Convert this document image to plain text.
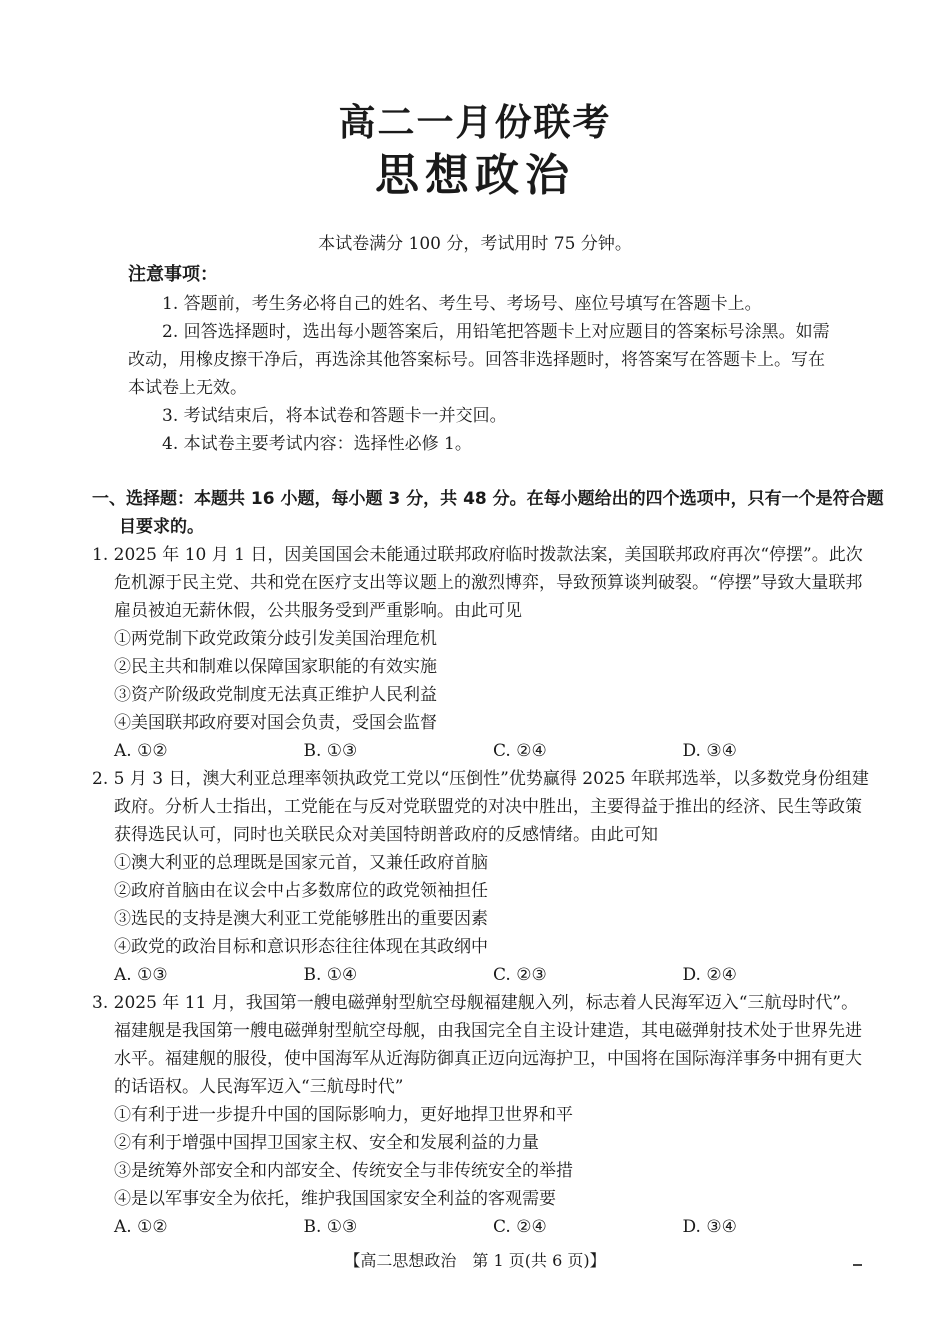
高二一月份联考
思想政治
本试卷满分 100 分，考试用时 75 分钟。
注意事项：

1. 答题前，考生务必将自己的姓名、考生号、考场号、座位号填写在答题卡上。

2. 回答选择题时，选出每小题答案后，用铅笔把答题卡上对应题目的答案标号涂黑。如需改动，用橡皮擦干净后，再选涂其他答案标号。回答非选择题时，将答案写在答题卡上。写在本试卷上无效。

3. 考试结束后，将本试卷和答题卡一并交回。

4. 本试卷主要考试内容：选择性必修 1。

一、选择题：本题共 16 小题，每小题 3 分，共 48 分。在每小题给出的四个选项中，只有一个是符合题目要求的。

1. 2025 年 10 月 1 日，因美国国会未能通过联邦政府临时拨款法案，美国联邦政府再次“停摆”。此次危机源于民主党、共和党在医疗支出等议题上的激烈博弈，导致预算谈判破裂。“停摆”导致大量联邦雇员被迫无薪休假，公共服务受到严重影响。由此可见

①两党制下政党政策分歧引发美国治理危机

②民主共和制难以保障国家职能的有效实施

③资产阶级政党制度无法真正维护人民利益

④美国联邦政府要对国会负责，受国会监督

A. ①②	B. ①③	C. ②④	D. ③④

2. 5 月 3 日，澳大利亚总理率领执政党工党以“压倒性”优势赢得 2025 年联邦选举，以多数党身份组建政府。分析人士指出，工党能在与反对党联盟党的对决中胜出，主要得益于推出的经济、民生等政策获得选民认可，同时也关联民众对美国特朗普政府的反感情绪。由此可知

①澳大利亚的总理既是国家元首，又兼任政府首脑

②政府首脑由在议会中占多数席位的政党领袖担任

③选民的支持是澳大利亚工党能够胜出的重要因素

④政党的政治目标和意识形态往往体现在其政纲中

A. ①③	B. ①④	C. ②③	D. ②④

3. 2025 年 11 月，我国第一艘电磁弹射型航空母舰福建舰入列，标志着人民海军迈入“三航母时代”。福建舰是我国第一艘电磁弹射型航空母舰，由我国完全自主设计建造，其电磁弹射技术处于世界先进水平。福建舰的服役，使中国海军从近海防御真正迈向远海护卫，中国将在国际海洋事务中拥有更大的话语权。人民海军迈入“三航母时代”

①有利于进一步提升中国的国际影响力，更好地捍卫世界和平

②有利于增强中国捍卫国家主权、安全和发展利益的力量

③是统筹外部安全和内部安全、传统安全与非传统安全的举措

④是以军事安全为依托，维护我国国家安全利益的客观需要

A. ①②	B. ①③	C. ②④	D. ③④
【高二思想政治　第 1 页(共 6 页)】
